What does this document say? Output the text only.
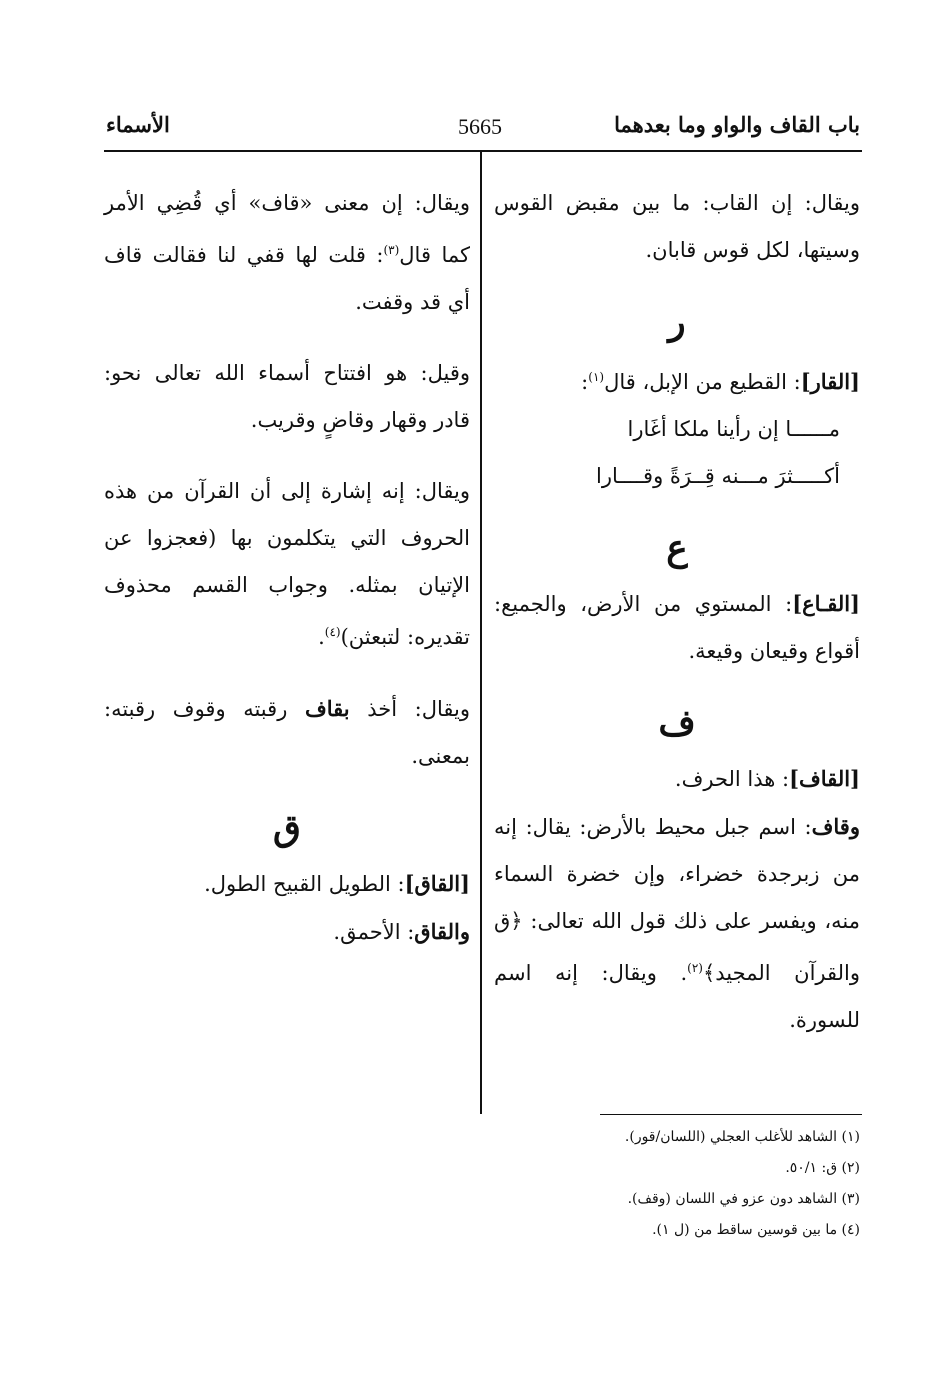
باب القاف والواو وما بعدهما
5665
الأسماء

ويقال: إن القاب: ما بين مقبض القوس وسيتها، لكل قوس قابان.

ر

[القار]: القطيع من الإبل، قال$^{(١)}$:

مــــــا إن رأينا ملكا أغَارا

أكـــــثرَ مـــنه قِــرَةً وقــــارا

ع

[القـاع]: المستوي من الأرض، والجميع: أقواع وقيعان وقيعة.

ف

[القاف]: هذا الحرف.

وقاف: اسم جبل محيط بالأرض: يقال: إنه من زبرجدة خضراء، وإن خضرة السماء منه، ويفسر على ذلك قول الله تعالى: ﴿ق والقرآن المجيد﴾$^{(٢)}$. ويقال: إنه اسم للسورة.

ويقال: إن معنى «قاف» أي قُضِي الأمر كما قال$^{(٣)}$: قلت لها قفي لنا فقالت قاف أي قد وقفت.

وقيل: هو افتتاح أسماء الله تعالى نحو: قادر وقهار وقاضٍ وقريب.

ويقال: إنه إشارة إلى أن القرآن من هذه الحروف التي يتكلمون بها (فعجزوا عن الإتيان بمثله. وجواب القسم محذوف تقديره: لتبعثن)$^{(٤)}$.

ويقال: أخذ بقاف رقبته وقوف رقبته: بمعنى.

ق

[القاق]: الطويل القبيح الطول.

والقاق: الأحمق.

(١) الشاهد للأغلب العجلي (اللسان/قور).
(٢) ق: ٥٠/١.
(٣) الشاهد دون عزو في اللسان (وقف).
(٤) ما بين قوسين ساقط من (ل ١).
